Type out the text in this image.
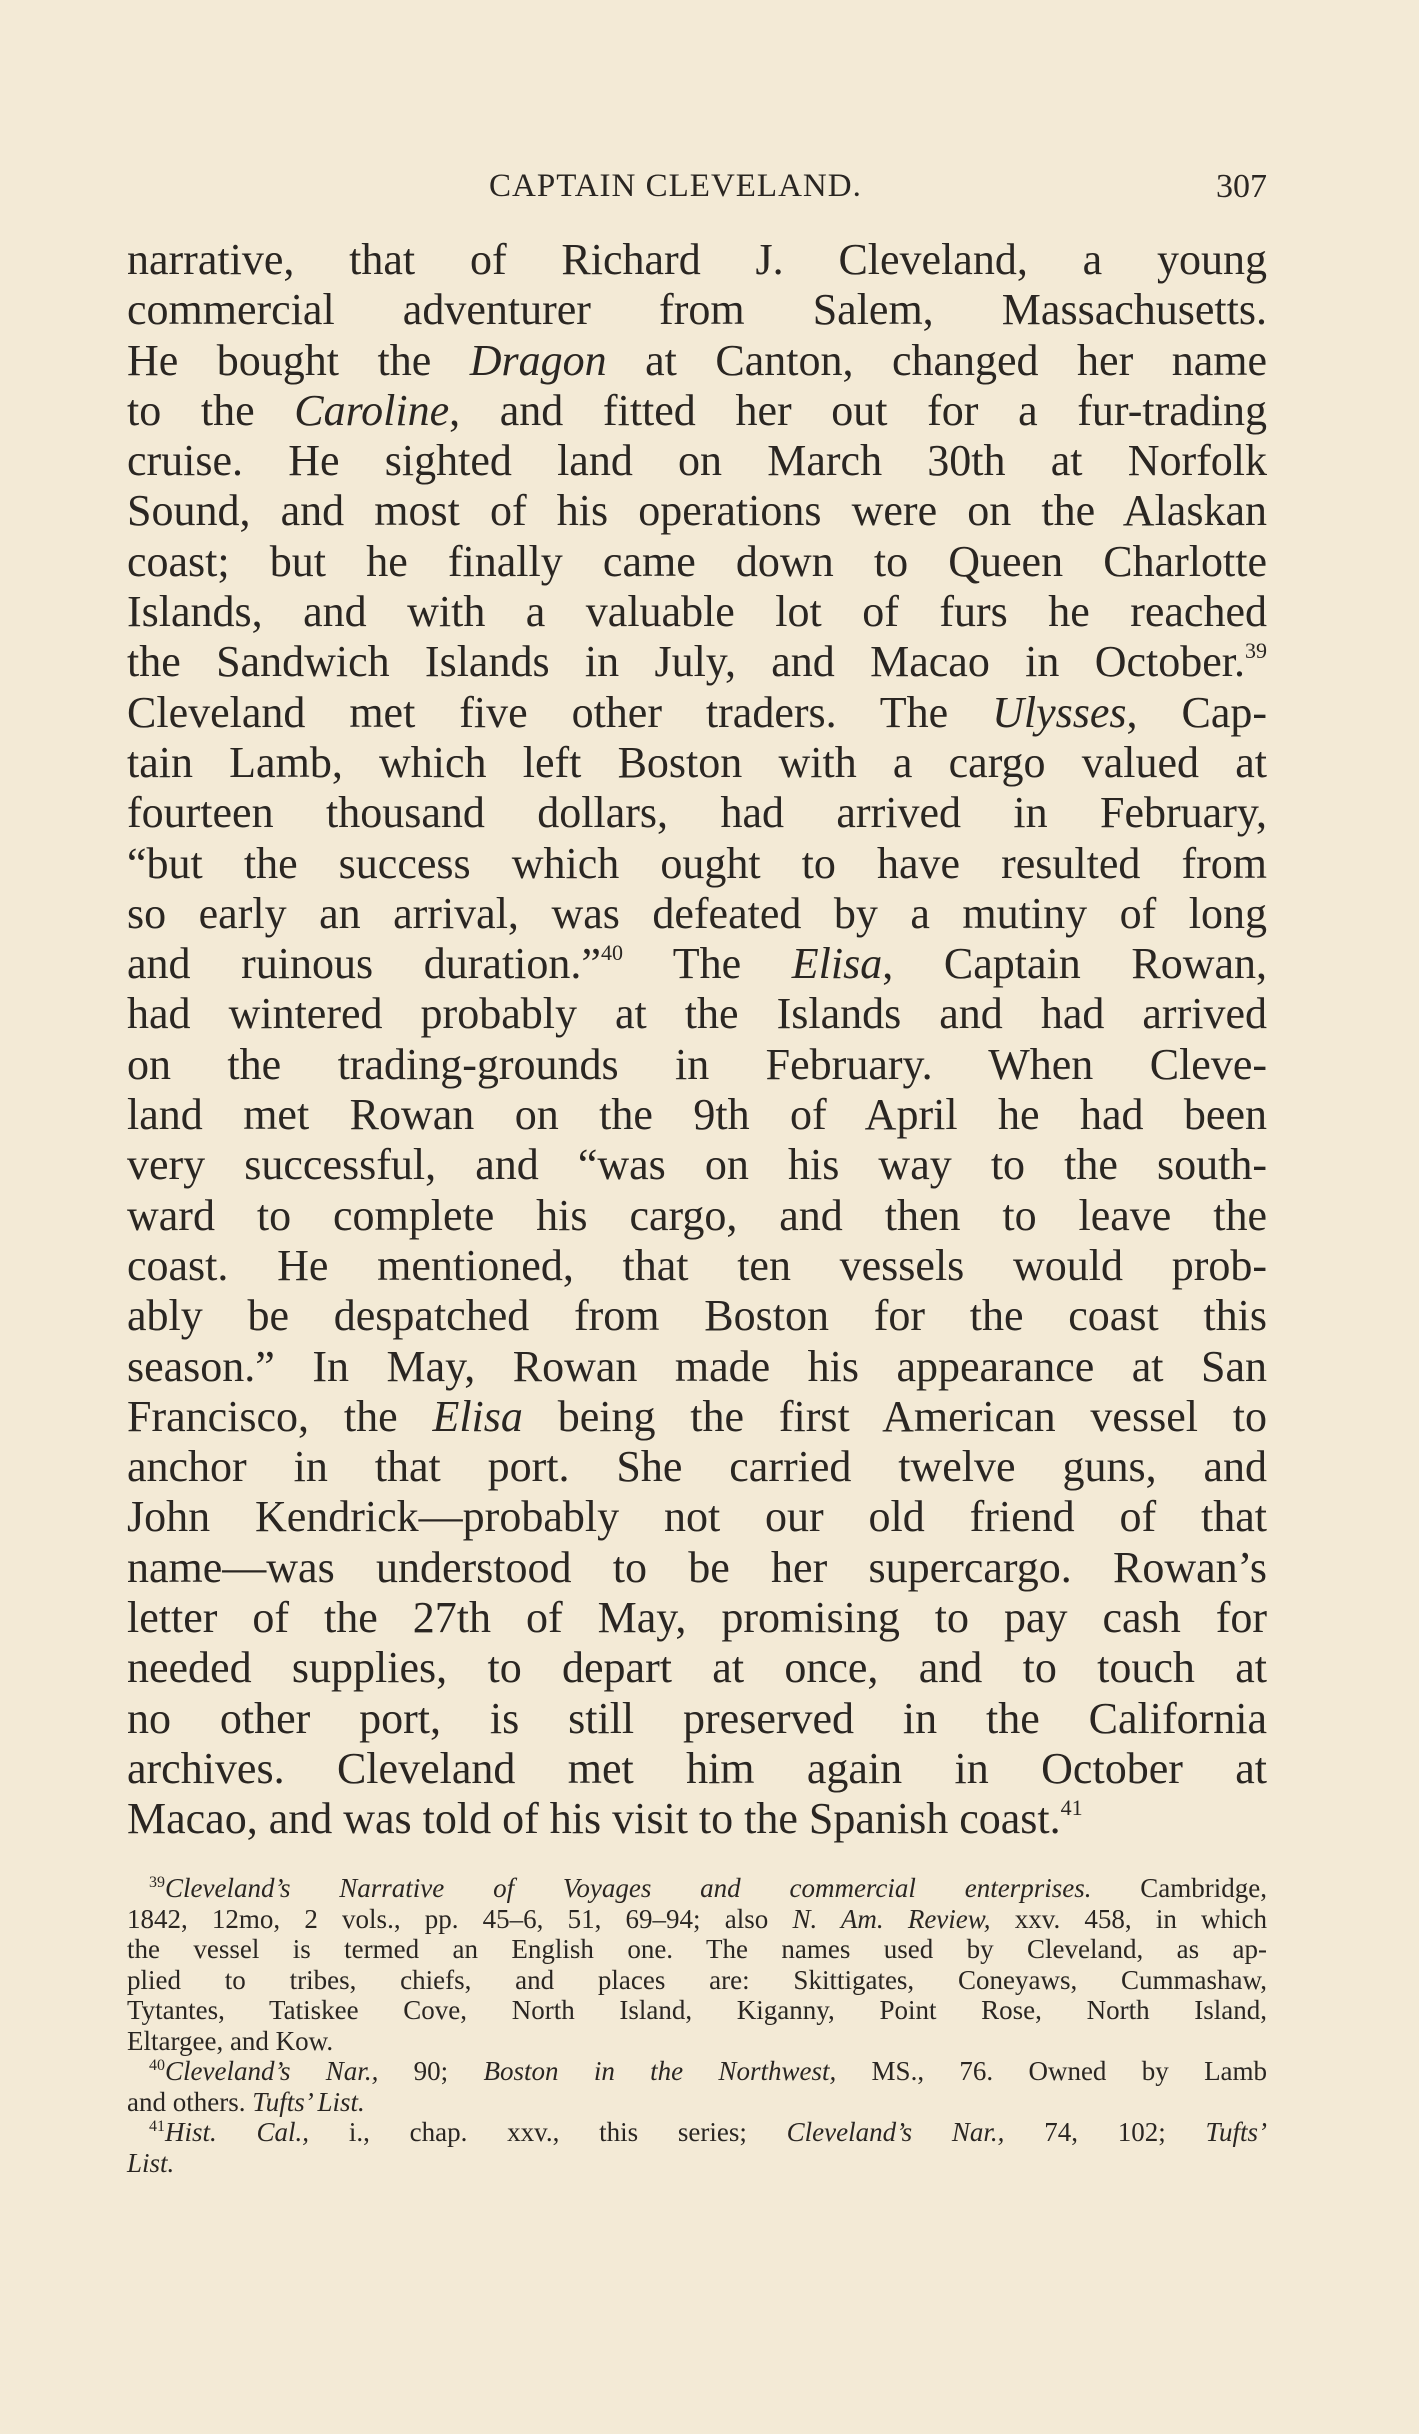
CAPTAIN CLEVELAND.	307
narrative, that of Richard J. Cleveland, a young
commercial adventurer from Salem, Massachusetts.
He bought the Dragon at Canton, changed her name
to the Caroline, and fitted her out for a fur-trading
cruise. He sighted land on March 30th at Norfolk
Sound, and most of his operations were on the Alaskan
coast; but he finally came down to Queen Charlotte
Islands, and with a valuable lot of furs he reached
the Sandwich Islands in July, and Macao in October.$^{39}$
Cleveland met five other traders. The Ulysses, Cap-
tain Lamb, which left Boston with a cargo valued at
fourteen thousand dollars, had arrived in February,
“but the success which ought to have resulted from
so early an arrival, was defeated by a mutiny of long
and ruinous duration.”$^{40}$ The Elisa, Captain Rowan,
had wintered probably at the Islands and had arrived
on the trading-grounds in February. When Cleve-
land met Rowan on the 9th of April he had been
very successful, and “was on his way to the south-
ward to complete his cargo, and then to leave the
coast. He mentioned, that ten vessels would prob-
ably be despatched from Boston for the coast this
season.” In May, Rowan made his appearance at San
Francisco, the Elisa being the first American vessel to
anchor in that port. She carried twelve guns, and
John Kendrick—probably not our old friend of that
name—was understood to be her supercargo. Rowan’s
letter of the 27th of May, promising to pay cash for
needed supplies, to depart at once, and to touch at
no other port, is still preserved in the California
archives. Cleveland met him again in October at
Macao, and was told of his visit to the Spanish coast.$^{41}$
$^{39}$Cleveland’s Narrative of Voyages and commercial enterprises. Cambridge,
1842, 12mo, 2 vols., pp. 45–6, 51, 69–94; also N. Am. Review, xxv. 458, in which
the vessel is termed an English one. The names used by Cleveland, as ap-
plied to tribes, chiefs, and places are: Skittigates, Coneyaws, Cummashaw,
Tytantes, Tatiskee Cove, North Island, Kiganny, Point Rose, North Island,
Eltargee, and Kow.
$^{40}$Cleveland’s Nar., 90; Boston in the Northwest, MS., 76. Owned by Lamb
and others. Tufts’ List.
$^{41}$Hist. Cal., i., chap. xxv., this series; Cleveland’s Nar., 74, 102; Tufts’
List.
